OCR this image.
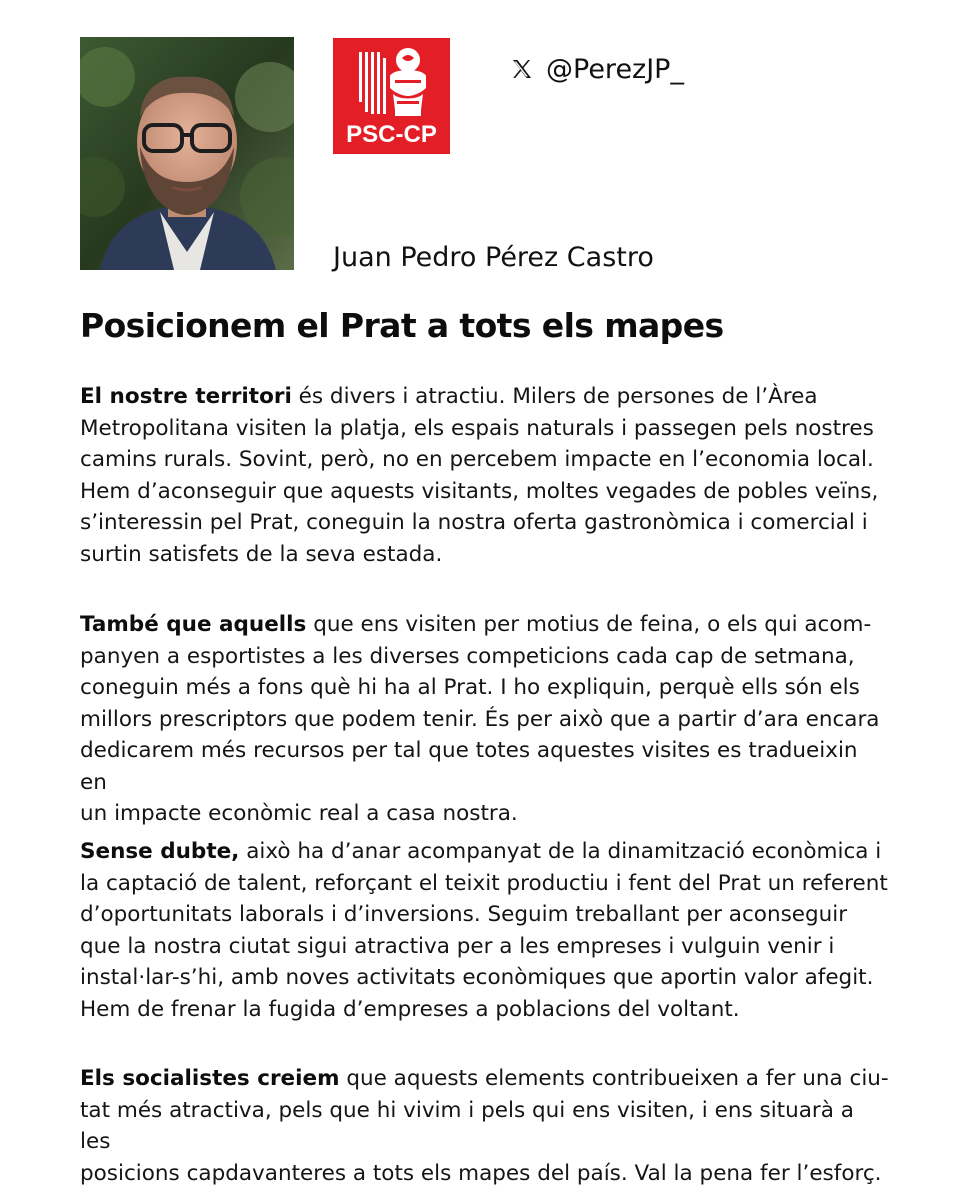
PSC-CP
@PerezJP_
Juan Pedro Pérez Castro
Posicionem el Prat a tots els mapes
El nostre territori és divers i atractiu. Milers de persones de l’Àrea
Metropolitana visiten la platja, els espais naturals i passegen pels nostres
camins rurals. Sovint, però, no en percebem impacte en l’economia local.
Hem d’aconseguir que aquests visitants, moltes vegades de pobles veïns,
s’interessin pel Prat, coneguin la nostra oferta gastronòmica i comercial i
surtin satisfets de la seva estada.
També que aquells que ens visiten per motius de feina, o els qui acom-
panyen a esportistes a les diverses competicions cada cap de setmana,
coneguin més a fons què hi ha al Prat. I ho expliquin, perquè ells són els
millors prescriptors que podem tenir. És per això que a partir d’ara encara
dedicarem més recursos per tal que totes aquestes visites es tradueixin en
un impacte econòmic real a casa nostra.
Sense dubte, això ha d’anar acompanyat de la dinamització econòmica i
la captació de talent, reforçant el teixit productiu i fent del Prat un referent
d’oportunitats laborals i d’inversions. Seguim treballant per aconseguir
que la nostra ciutat sigui atractiva per a les empreses i vulguin venir i
instal·lar-s’hi, amb noves activitats econòmiques que aportin valor afegit.
Hem de frenar la fugida d’empreses a poblacions del voltant.
Els socialistes creiem que aquests elements contribueixen a fer una ciu-
tat més atractiva, pels que hi vivim i pels qui ens visiten, i ens situarà a les
posicions capdavanteres a tots els mapes del país. Val la pena fer l’esforç.
